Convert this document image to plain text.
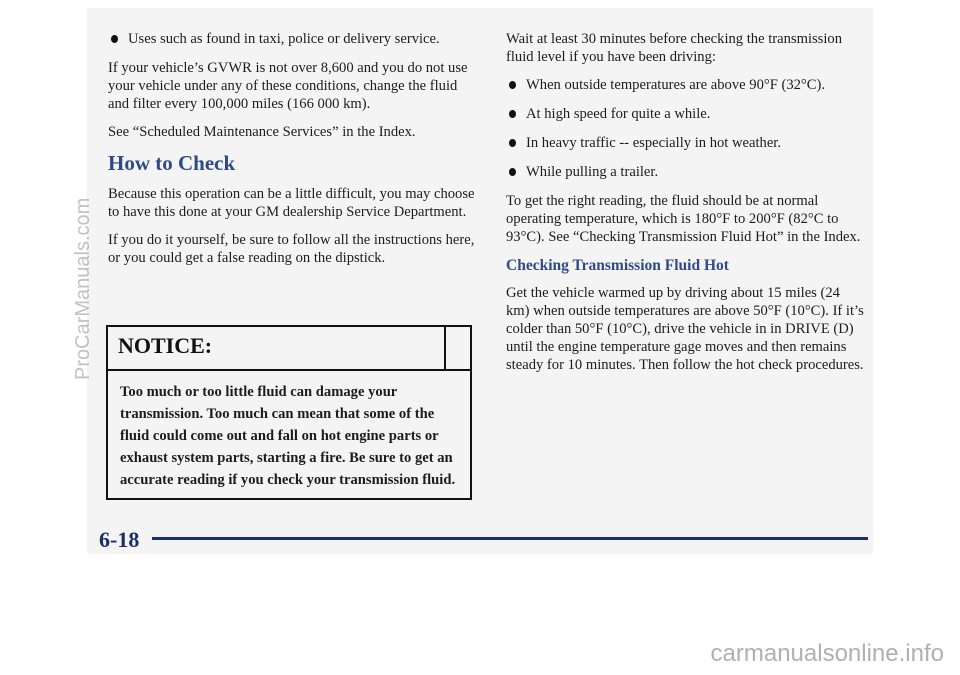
Uses such as found in taxi, police or delivery service.

If your vehicle’s GVWR is not over 8,600 and you do not use your vehicle under any of these conditions, change the fluid and filter every 100,000 miles (166 000 km).

See “Scheduled Maintenance Services” in the Index.

How to Check

Because this operation can be a little difficult, you may choose to have this done at your GM dealership Service Department.

If you do it yourself, be sure to follow all the instructions here, or you could get a false reading on the dipstick.

NOTICE:
Too much or too little fluid can damage your transmission. Too much can mean that some of the fluid could come out and fall on hot engine parts or exhaust system parts, starting a fire. Be sure to get an accurate reading if you check your transmission fluid.

Wait at least 30 minutes before checking the transmission fluid level if you have been driving:

When outside temperatures are above 90°F (32°C).
At high speed for quite a while.
In heavy traffic -- especially in hot weather.
While pulling a trailer.

To get the right reading, the fluid should be at normal operating temperature, which is 180°F to 200°F (82°C to 93°C). See “Checking Transmission Fluid Hot” in the Index.

Checking Transmission Fluid Hot

Get the vehicle warmed up by driving about 15 miles (24 km) when outside temperatures are above 50°F (10°C). If it’s colder than 50°F (10°C), drive the vehicle in in DRIVE (D) until the engine temperature gage moves and then remains steady for 10 minutes. Then follow the hot check procedures.

6-18
ProCarManuals.com
carmanualsonline.info
